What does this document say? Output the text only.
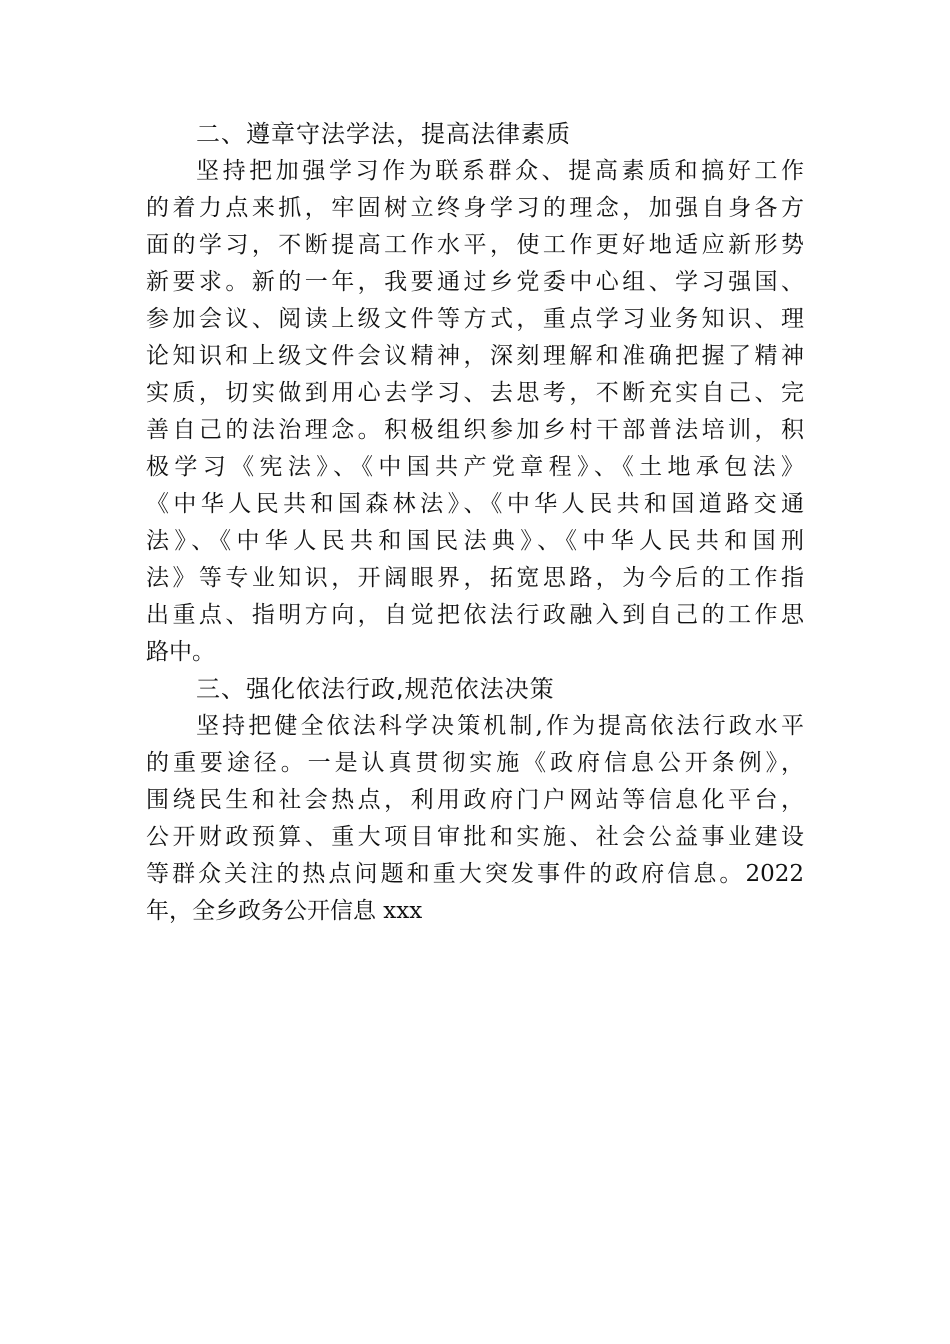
二、遵章守法学法，提高法律素质
坚持把加强学习作为联系群众、提高素质和搞好工作
的着力点来抓，牢固树立终身学习的理念，加强自身各方
面的学习，不断提高工作水平，使工作更好地适应新形势
新要求。新的一年，我要通过乡党委中心组、学习强国、
参加会议、阅读上级文件等方式，重点学习业务知识、理
论知识和上级文件会议精神，深刻理解和准确把握了精神
实质，切实做到用心去学习、去思考，不断充实自己、完
善自己的法治理念。积极组织参加乡村干部普法培训，积
极学习《宪法》、《中国共产党章程》、《土地承包法》
《中华人民共和国森林法》、《中华人民共和国道路交通
法》、《中华人民共和国民法典》、《中华人民共和国刑
法》等专业知识，开阔眼界，拓宽思路，为今后的工作指
出重点、指明方向，自觉把依法行政融入到自己的工作思
路中。
三、强化依法行政,规范依法决策
坚持把健全依法科学决策机制,作为提高依法行政水平
的重要途径。一是认真贯彻实施《政府信息公开条例》，
围绕民生和社会热点，利用政府门户网站等信息化平台，
公开财政预算、重大项目审批和实施、社会公益事业建设
等群众关注的热点问题和重大突发事件的政府信息。2022
年，全乡政务公开信息 xxx
